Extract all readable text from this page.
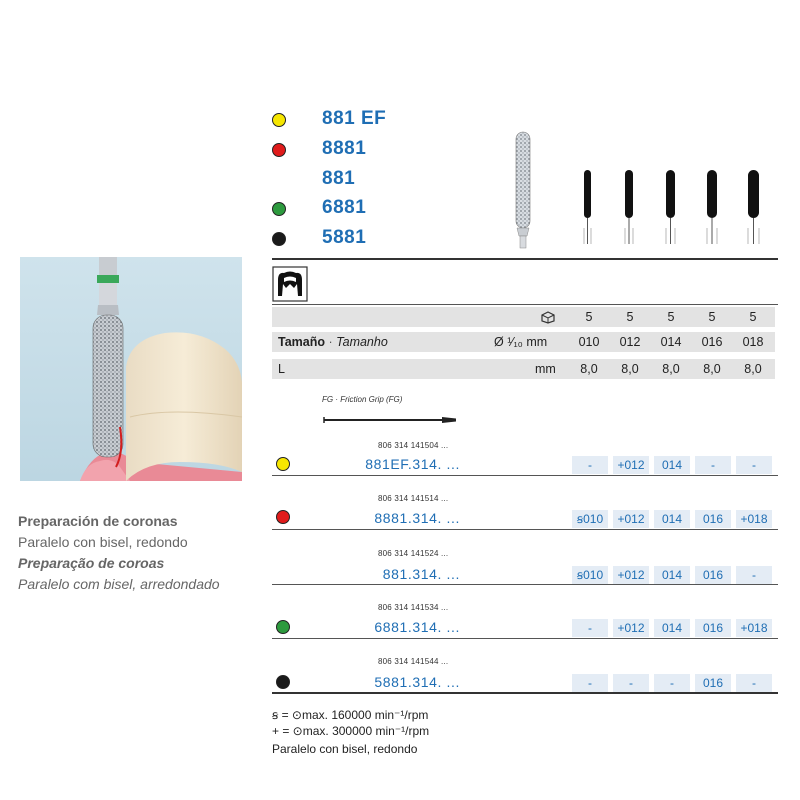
881 EF
8881
881
6881
5881
5	5	5	5	5
Tamaño · Tamanho	Ø ¹⁄₁₀ mm	010	012	014	016	018
L	mm	8,0	8,0	8,0	8,0	8,0
FG · Friction Grip (FG)
806 314 141504 ...
881EF.314. ...	-	+012	014	-	-
806 314 141514 ...
8881.314. ...	ꞩ010	+012	014	016	+018
806 314 141524 ...
881.314. ...	ꞩ010	+012	014	016	-
806 314 141534 ...
6881.314. ...	-	+012	014	016	+018
806 314 141544 ...
5881.314. ...	-	-	-	016	-
ꞩ = ⊙max. 160000 min⁻¹/rpm
+ = ⊙max. 300000 min⁻¹/rpm
Paralelo con bisel, redondo
Preparación de coronas
Paralelo con bisel, redondo
Preparação de coroas
Paralelo com bisel, arredondado
